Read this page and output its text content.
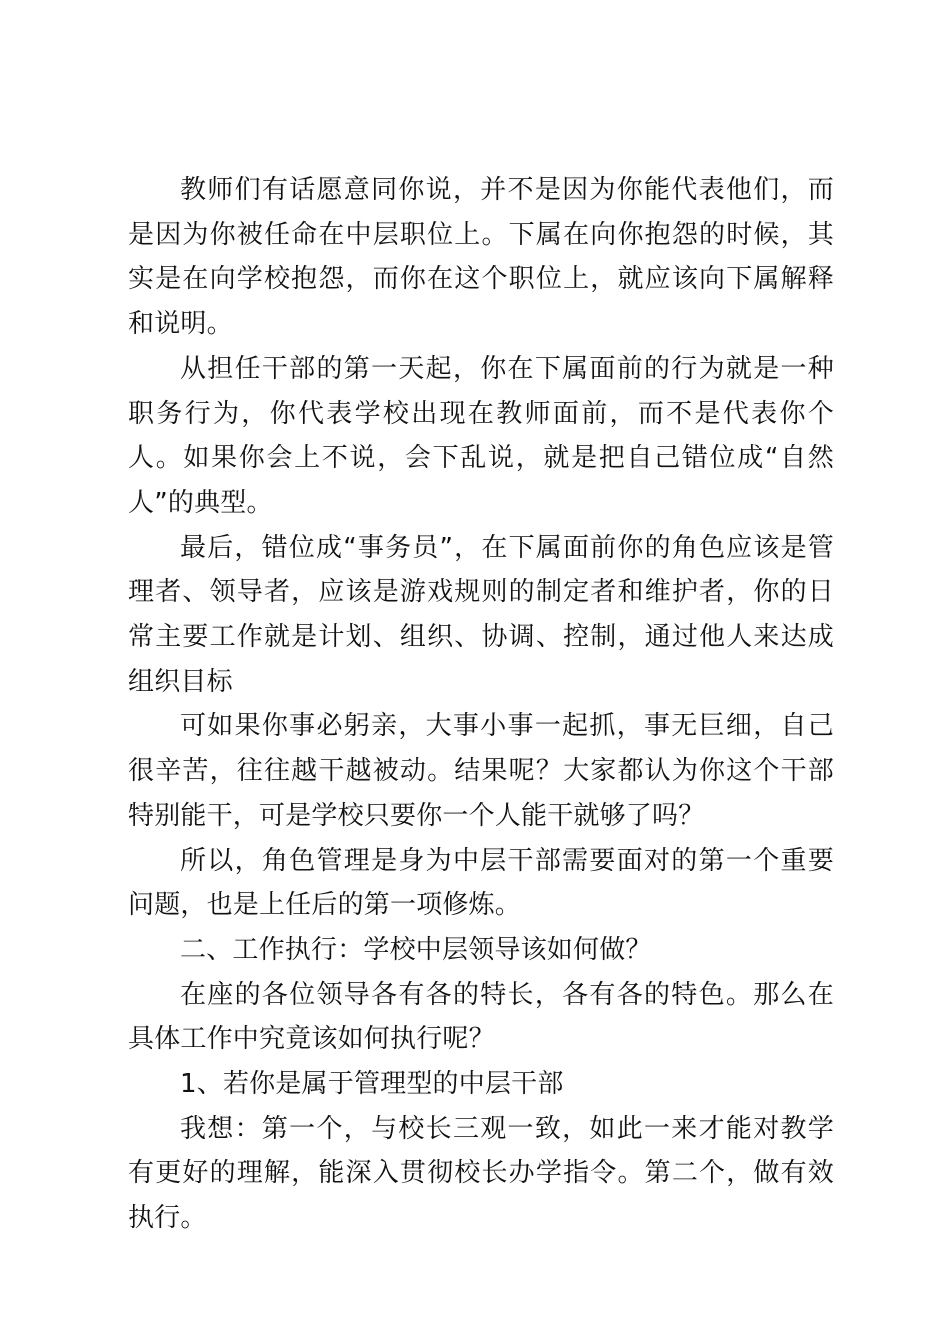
教师们有话愿意同你说，并不是因为你能代表他们，而是因为你被任命在中层职位上。下属在向你抱怨的时候，其实是在向学校抱怨，而你在这个职位上，就应该向下属解释和说明。

从担任干部的第一天起，你在下属面前的行为就是一种职务行为，你代表学校出现在教师面前，而不是代表你个人。如果你会上不说，会下乱说，就是把自己错位成“自然人”的典型。

最后，错位成“事务员”，在下属面前你的角色应该是管理者、领导者，应该是游戏规则的制定者和维护者，你的日常主要工作就是计划、组织、协调、控制，通过他人来达成组织目标

可如果你事必躬亲，大事小事一起抓，事无巨细，自己很辛苦，往往越干越被动。结果呢？大家都认为你这个干部特别能干，可是学校只要你一个人能干就够了吗？

所以，角色管理是身为中层干部需要面对的第一个重要问题，也是上任后的第一项修炼。

二、工作执行：学校中层领导该如何做？

在座的各位领导各有各的特长，各有各的特色。那么在具体工作中究竟该如何执行呢？

1、若你是属于管理型的中层干部

我想：第一个，与校长三观一致，如此一来才能对教学有更好的理解，能深入贯彻校长办学指令。第二个，做有效执行。
